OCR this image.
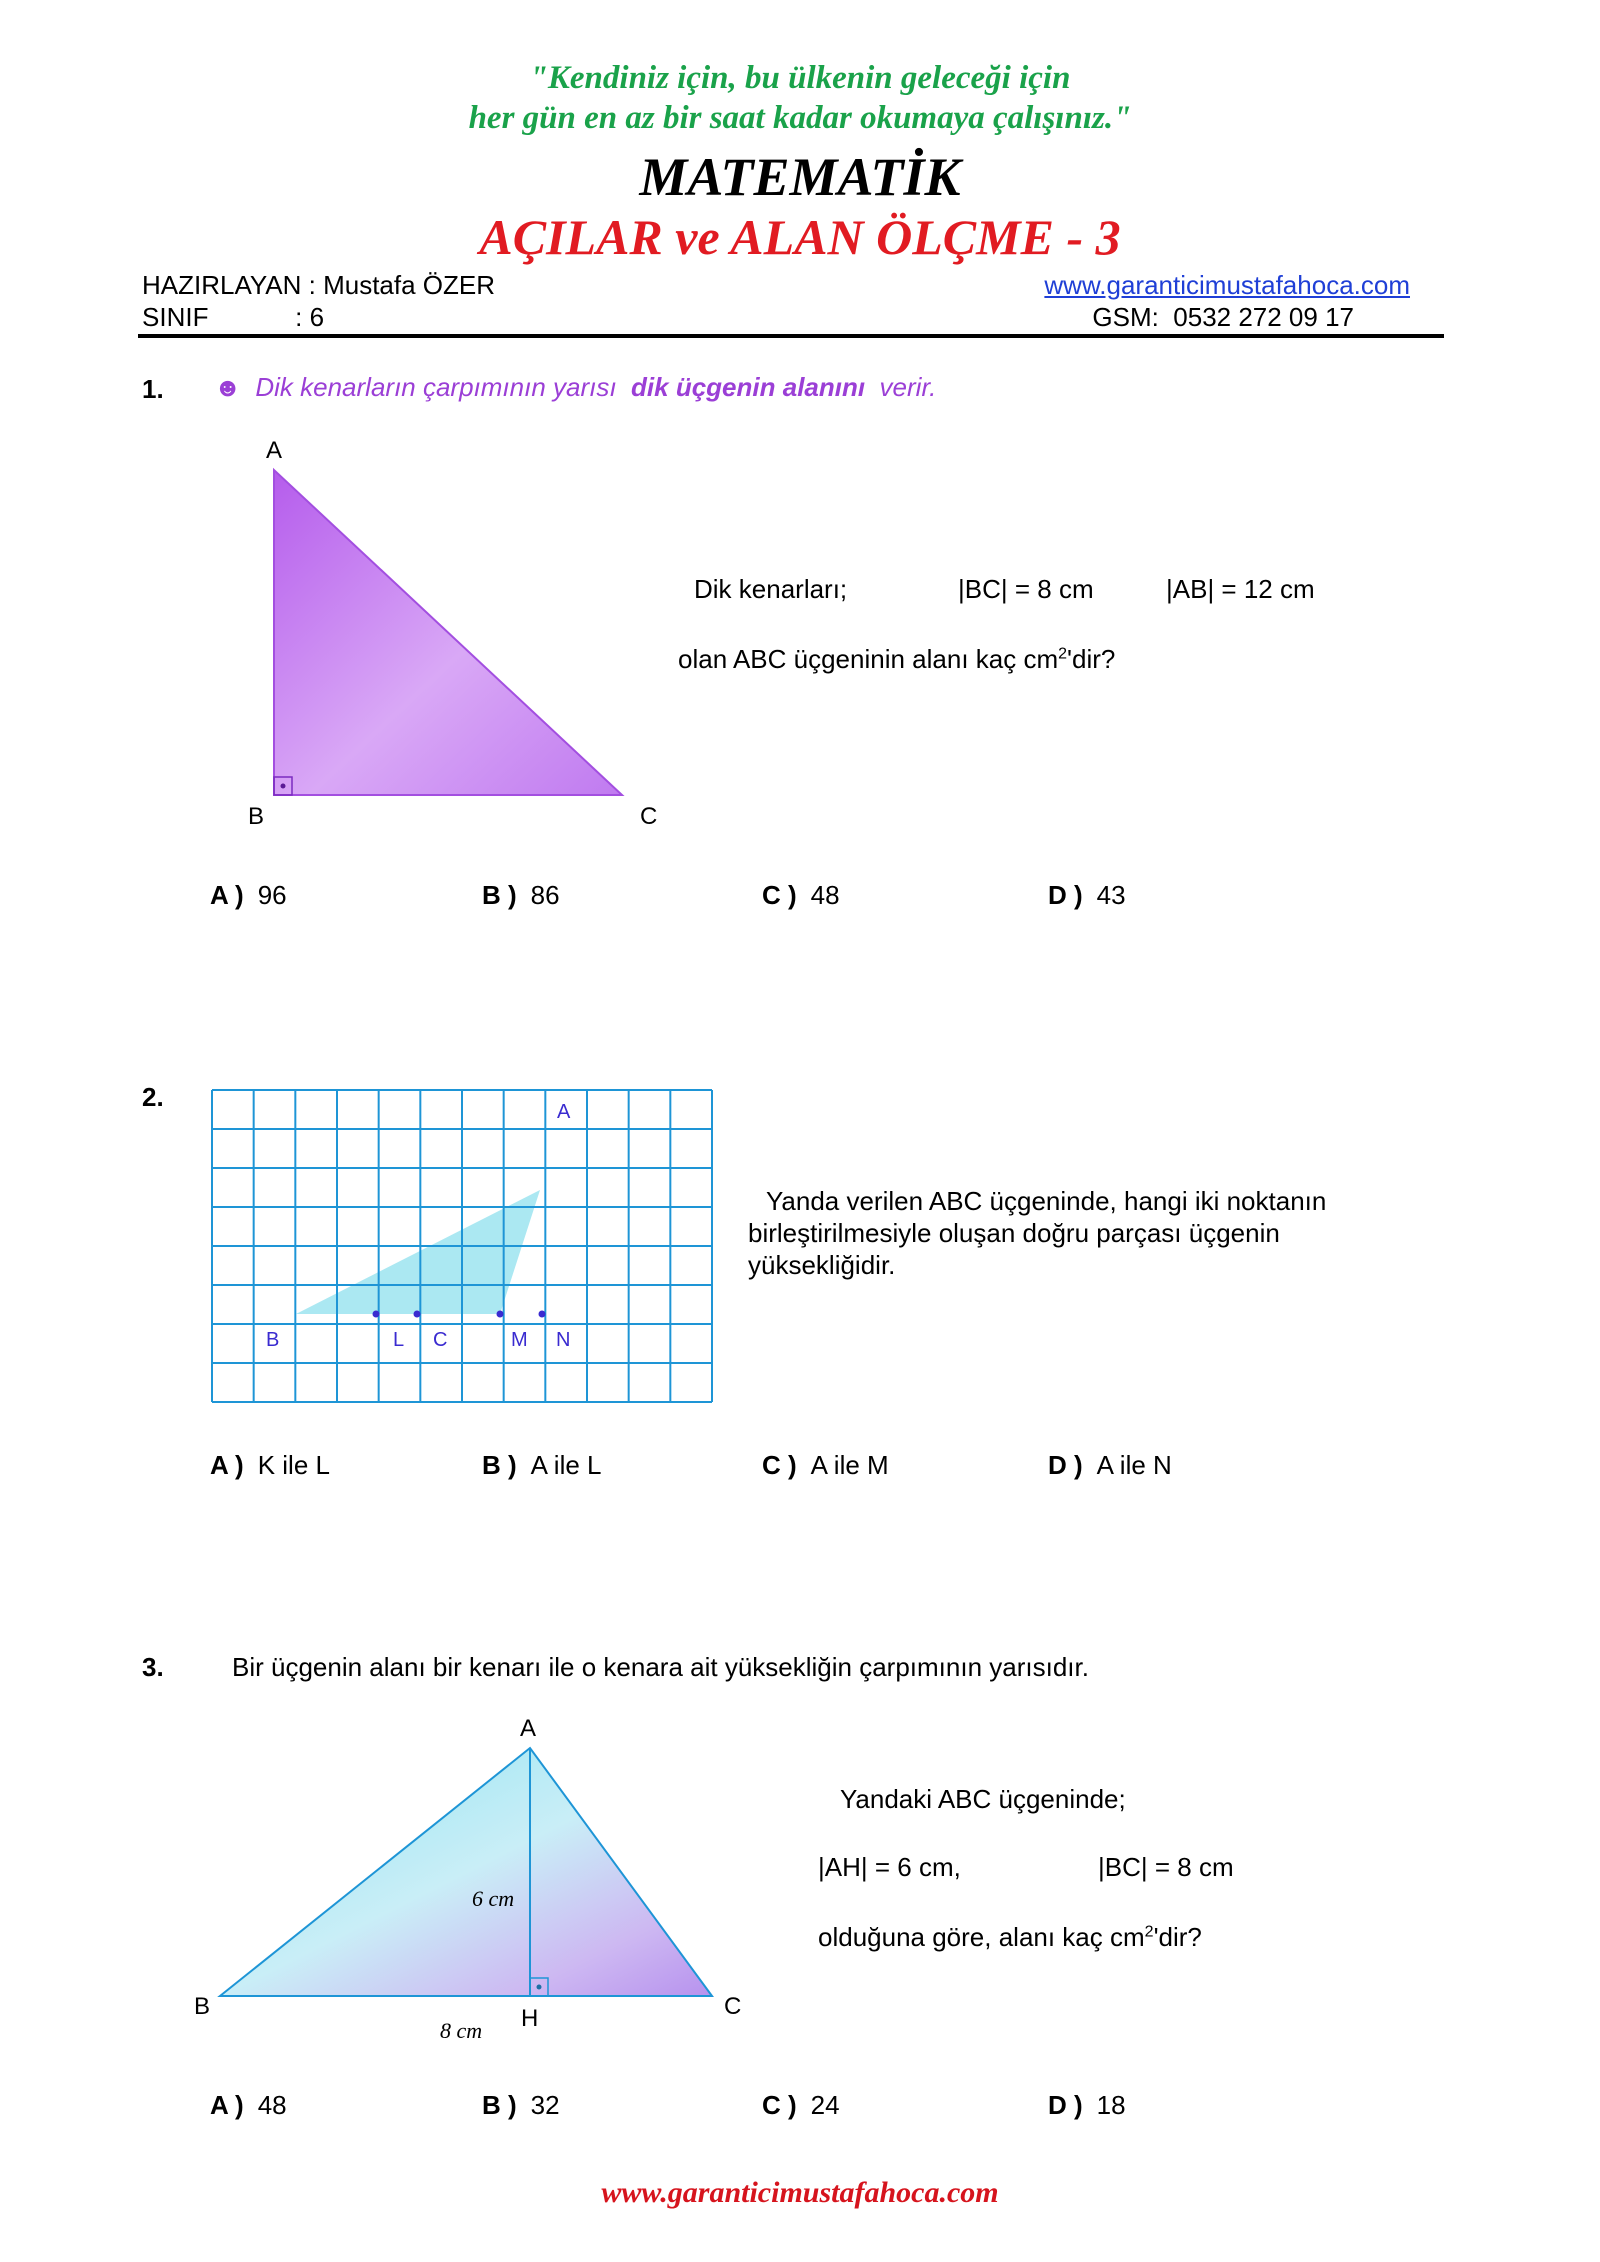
"Kendiniz için, bu ülkenin geleceği için
her gün en az bir saat kadar okumaya çalışınız."
MATEMATİK
AÇILAR ve ALAN ÖLÇME - 3
HAZIRLAYAN : Mustafa ÖZER
SINIF            : 6
www.garanticimustafahoca.com
GSM:  0532 272 09 17
1. ☻ Dik kenarların çarpımının yarısı dik üçgenin alanını verir.
A
B	C
Dik kenarları;	|BC| = 8 cm	|AB| = 12 cm
olan ABC üçgeninin alanı kaç $cm^2'dir$?
A ) 96	B ) 86	C ) 48	D ) 43
2.	A
B	L C	M N
Yanda verilen ABC üçgeninde, hangi iki noktanın
birleştirilmesiyle oluşan doğru parçası üçgenin
yüksekliğidir.
A ) K ile L	B ) A ile L	C ) A ile M	D ) A ile N
3.	Bir üçgenin alanı bir kenarı ile o kenara ait yüksekliğin çarpımının yarısıdır.
A
B	C
H
6 cm
8 cm
Yandaki ABC üçgeninde;
|AH| = 6 cm,	|BC| = 8 cm
olduğuna göre, alanı kaç $cm^2'dir$?
A ) 48	B ) 32	C ) 24	D ) 18
www.garanticimustafahoca.com
